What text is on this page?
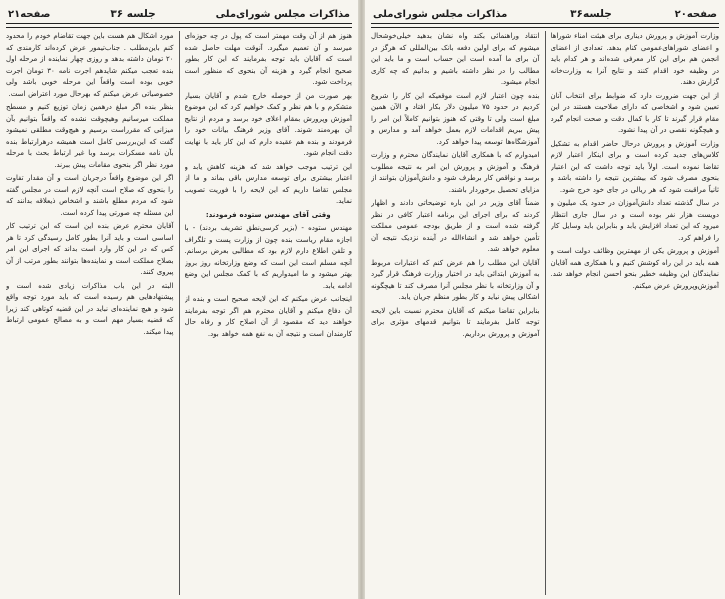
مذاکرات مجلس شورای‌ملی
جلسه ۳۶
صفحه۲۱

هنوز هم از آن وقت مهمتر است که پول در چه حوزه‌ای میرسد و آن تعمیم میگیرد. آنوقت مهلت حاصل شده است که آقایان باید توجه بفرمایند که این کار بطور صحیح انجام گیرد و هزینه آن بنحوی که منظور است پرداخت شود.

بهر صورت من از حوصله خارج شدم و آقایان بسیار متشکرم و با هم نظر و کمک خواهیم کرد که این موضوع آموزش وپرورش بمقام اعلای خود برسد و مردم از نتایج آن بهره‌مند شوند. آقای وزیر فرهنگ بیانات خود را فرمودند و بنده هم عقیده دارم که این کار باید با نهایت دقت انجام شود.

این ترتیب موجب خواهد شد که هزینه کاهش یابد و اعتبار بیشتری برای توسعه مدارس باقی بماند و ما از مجلس تقاضا داریم که این لایحه را با فوریت تصویب نماید.

وقتی آقای مهندس ستوده فرمودند:

مهندس ستوده - (بزیر کرسی‌نطق تشریف بردند) - با اجازه مقام ریاست بنده چون از وزارت پست و تلگراف و تلفن اطلاع دارم لازم بود که مطالبی بعرض برسانم. آنچه مسلم است این است که وضع وزارتخانه روز بروز بهتر میشود و ما امیدواریم که با کمک مجلس این وضع ادامه یابد.

اینجانب عرض میکنم که این لایحه صحیح است و بنده از آن دفاع میکنم و آقایان محترم هم اگر توجه بفرمایند خواهند دید که مقصود از آن اصلاح کار و رفاه حال کارمندان است و نتیجه آن به نفع همه خواهد بود.

مورد اشکال هم هست باین جهت تقاضام خودم را محدود کنم باین‌مطلب . جناب‌تیمور عرض‌ کرده‌اند کارمند‌ی‌ که ۲۰ تومان داشته بدهد و روزی چهار نماینده از مرحله اول بنده تعجب میکنم شایدهم اجرت نامه ۳۰ تومان اجرت خوبی بوده است واقعاً این مرحله خوبی باشد ولی خصوصیاتی عرض میکنم که بهرحال مورد اعتراض است.

بنظر بنده اگر مبلغ درهمین زمان توزیع‌ کنیم و مسطح مملکت میرسانیم وهیچوقت نشده که واقعاً بتوانیم بآن میزانی که مقرراست برسیم و هیچ‌وقت مطلقی نمیشود گفت که این‌بررسی کامل است همیشه درهرارتباط بنده بآن نامه مسکرات برسد وبا غیر ارتباط بحث با مرحله مورد نظر اگر بنحوی مقامات پیش ببرند.

اگر این موضوع واقعاً درجریان است و آن مقدار تفاوت را بنحوی که صلاح است آنچه لازم است در مجلس گفته شود که مردم مطلع باشند و اشخاص ذیعلاقه بدانند که این مسئله چه صورتی پیدا کرده است.

آقایان محترم عرض بنده این است که این ترتیب کار اساسی است و باید آنرا بطور کامل رسیدگی کرد تا هر کس که در این کار وارد است بداند که اجرای این امر بصلاح مملکت است و نماینده‌ها بتوانند بطور مرتب از آن پیروی کنند.

البته در این باب مذاکرات زیادی شده است و پیشنهادهایی هم رسیده است که باید مورد توجه واقع شود و هیچ نماینده‌ای نباید در این قضیه کوتاهی کند زیرا که قضیه بسیار مهم است و به مصالح عمومی ارتباط پیدا میکند.

صفحه۲۰
جلسه۳۶
مذاکرات مجلس شورای‌ملی

وزارت آموزش و پرورش دیناری برای هیئت امناء شوراها و اعضای شوراهای‌عمومی کنام بدهد. تعدادی از اعضای انجمن هم برای این کار معرفی شده‌اند و هر کدام باید در وظیفه خود اقدام کنند و نتایج آنرا به وزارت‌خانه گزارش دهند.

از این جهت ضرورت دارد که ضوابط برای انتخاب آنان تعیین شود و اشخاصی که دارای صلاحیت هستند در این مقام قرار گیرند تا کار با کمال دقت و صحت انجام گیرد و هیچگونه نقصی در آن پیدا نشود.

وزارت آموزش و پرورش درحال حاضر اقدام به تشکیل کلاس‌های جدید کرده است و برای اینکار اعتبار لازم تقاضا نموده است. اولاً باید توجه داشت که این اعتبار بنحوی مصرف شود که بیشترین نتیجه را داشته باشد و ثانیاً مراقبت شود که هر ریالی در جای خود خرج شود.

در سال گذشته تعداد دانش‌آموزان در حدود یک میلیون و دویست هزار نفر بوده است و در سال جاری انتظار میرود که این تعداد افزایش یابد و بنابراین باید وسایل کار را فراهم کرد.

آموزش و پرورش یکی از مهمترین وظائف دولت است و همه باید در این راه کوشش کنیم و با همکاری همه آقایان نمایندگان این وظیفه خطیر بنحو احسن انجام خواهد شد. آموزش‌وپرورش عرض میکنم.

انتقاد وراهنمائی بکند واه نشان بدهید خیلی‌خوشحال میشوم که برای اولین دفعه بانک بین‌المللی که هرگز در آن برای ما آمده است این حساب است و ما باید این مطالب را در نظر داشته باشیم و بدانیم که چه کاری انجام میشود.

بنده چون اعتبار لازم است موقعیکه این کار را شروع کردیم در حدود ۷۵ میلیون دلار بکار افتاد و الآن همین مبلغ است ولی تا وقتی که هنوز بتوانیم کاملاً این امر را پیش ببریم اقدامات لازم بعمل خواهد آمد و مدارس و آموزشگاه‌ها توسعه پیدا خواهد کرد.

امیدوارم که با همکاری آقایان نمایندگان محترم و وزارت فرهنگ و آموزش و پرورش این امر به نتیجه مطلوب برسد و نواقص کار برطرف شود و دانش‌آموزان بتوانند از مزایای تحصیل برخوردار باشند.

ضمناً آقای وزیر در این باره توضیحاتی دادند و اظهار کردند که برای اجرای این برنامه اعتبار کافی در نظر گرفته شده است و از طریق بودجه عمومی مملکت تأمین خواهد شد و انشاءالله در آینده نزدیک نتیجه آن معلوم خواهد شد.

آقایان این مطلب را هم عرض کنم که اعتبارات مربوط به آموزش ابتدائی باید در اختیار وزارت فرهنگ قرار گیرد و آن وزارتخانه با نظر مجلس آنرا مصرف کند تا هیچگونه اشکالی پیش نیاید و کار بطور منظم جریان یابد.

بنابراین تقاضا میکنم که آقایان محترم نسبت باین لایحه توجه کامل بفرمایند تا بتوانیم قدمهای مؤثری برای آموزش و پرورش برداریم.
